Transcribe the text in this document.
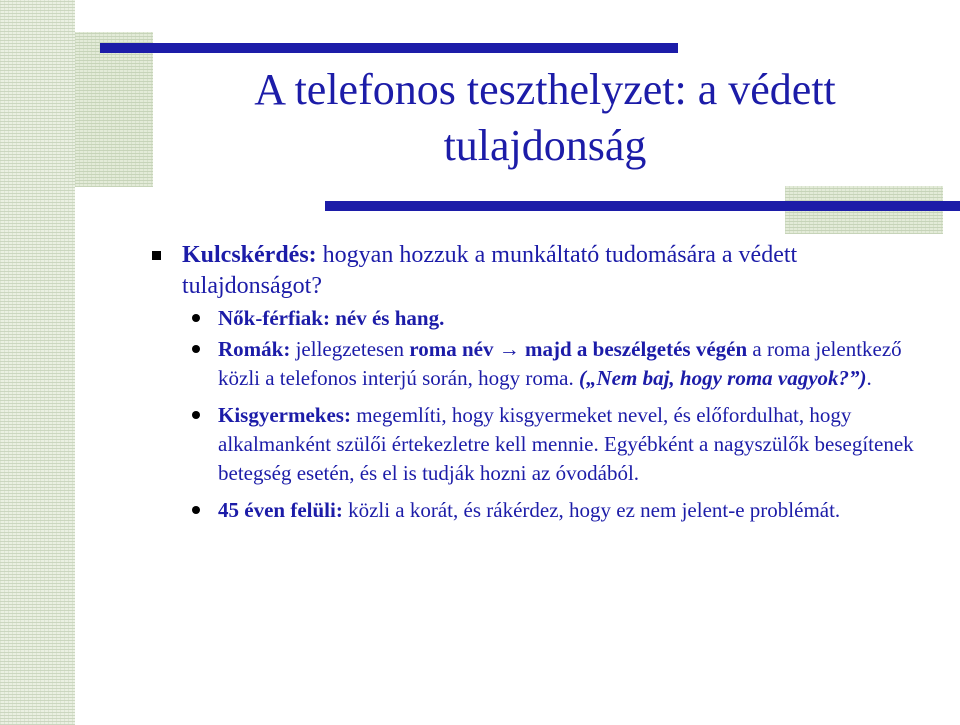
A telefonos teszthelyzet: a védett
tulajdonság
Kulcskérdés: hogyan hozzuk a munkáltató tudomására a védett tulajdonságot?
Nők-férfiak: név és hang.
Romák: jellegzetesen roma név → majd a beszélgetés végén a roma jelentkező közli a telefonos interjú során, hogy roma. („Nem baj, hogy roma vagyok?”).
Kisgyermekes: megemlíti, hogy kisgyermeket nevel, és előfordulhat, hogy alkalmanként szülői értekezletre kell mennie. Egyébként a nagyszülők besegítenek betegség esetén, és el is tudják hozni az óvodából.
45 éven felüli: közli a korát, és rákérdez, hogy ez nem jelent-e problémát.
